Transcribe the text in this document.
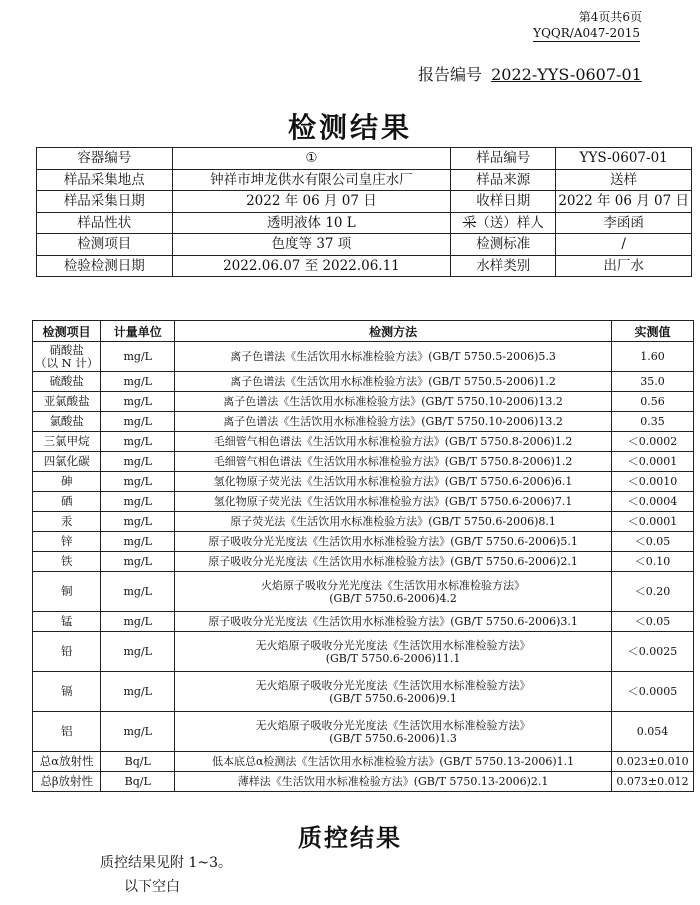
第4页共6页
YQQR/A047-2015
报告编号 2022-YYS-0607-01
检测结果
容器编号	①	样品编号	YYS-0607-01
样品采集地点	钟祥市坤龙供水有限公司皇庄水厂	样品来源	送样
样品采集日期	2022 年 06 月 07 日	收样日期	2022 年 06 月 07 日
样品性状	透明液体 10 L	采（送）样人	李函函
检测项目	色度等 37 项	检测标准	/
检验检测日期	2022.06.07 至 2022.06.11	水样类别	出厂水
检测项目	计量单位	检测方法	实测值

硝酸盐
（以 N 计）	mg/L	离子色谱法《生活饮用水标准检验方法》(GB/T 5750.5-2006)5.3	1.60

硫酸盐	mg/L	离子色谱法《生活饮用水标准检验方法》(GB/T 5750.5-2006)1.2	35.0

亚氯酸盐	mg/L	离子色谱法《生活饮用水标准检验方法》(GB/T 5750.10-2006)13.2	0.56

氯酸盐	mg/L	离子色谱法《生活饮用水标准检验方法》(GB/T 5750.10-2006)13.2	0.35

三氯甲烷	mg/L	毛细管气相色谱法《生活饮用水标准检验方法》(GB/T 5750.8-2006)1.2	＜0.0002

四氯化碳	mg/L	毛细管气相色谱法《生活饮用水标准检验方法》(GB/T 5750.8-2006)1.2	＜0.0001

砷	mg/L	氢化物原子荧光法《生活饮用水标准检验方法》(GB/T 5750.6-2006)6.1	＜0.0010

硒	mg/L	氢化物原子荧光法《生活饮用水标准检验方法》(GB/T 5750.6-2006)7.1	＜0.0004

汞	mg/L	原子荧光法《生活饮用水标准检验方法》(GB/T 5750.6-2006)8.1	＜0.0001

锌	mg/L	原子吸收分光光度法《生活饮用水标准检验方法》(GB/T 5750.6-2006)5.1	＜0.05

铁	mg/L	原子吸收分光光度法《生活饮用水标准检验方法》(GB/T 5750.6-2006)2.1	＜0.10

铜	mg/L	火焰原子吸收分光光度法《生活饮用水标准检验方法》
(GB/T 5750.6-2006)4.2	＜0.20

锰	mg/L	原子吸收分光光度法《生活饮用水标准检验方法》(GB/T 5750.6-2006)3.1	＜0.05

铅	mg/L	无火焰原子吸收分光光度法《生活饮用水标准检验方法》
(GB/T 5750.6-2006)11.1	＜0.0025

镉	mg/L	无火焰原子吸收分光光度法《生活饮用水标准检验方法》
(GB/T 5750.6-2006)9.1	＜0.0005

铝	mg/L	无火焰原子吸收分光光度法《生活饮用水标准检验方法》
(GB/T 5750.6-2006)1.3	0.054

总α放射性	Bq/L	低本底总α检测法《生活饮用水标准检验方法》(GB/T 5750.13-2006)1.1	0.023±0.010

总β放射性	Bq/L	薄样法《生活饮用水标准检验方法》(GB/T 5750.13-2006)2.1	0.073±0.012
质控结果
质控结果见附 1~3。
以下空白
